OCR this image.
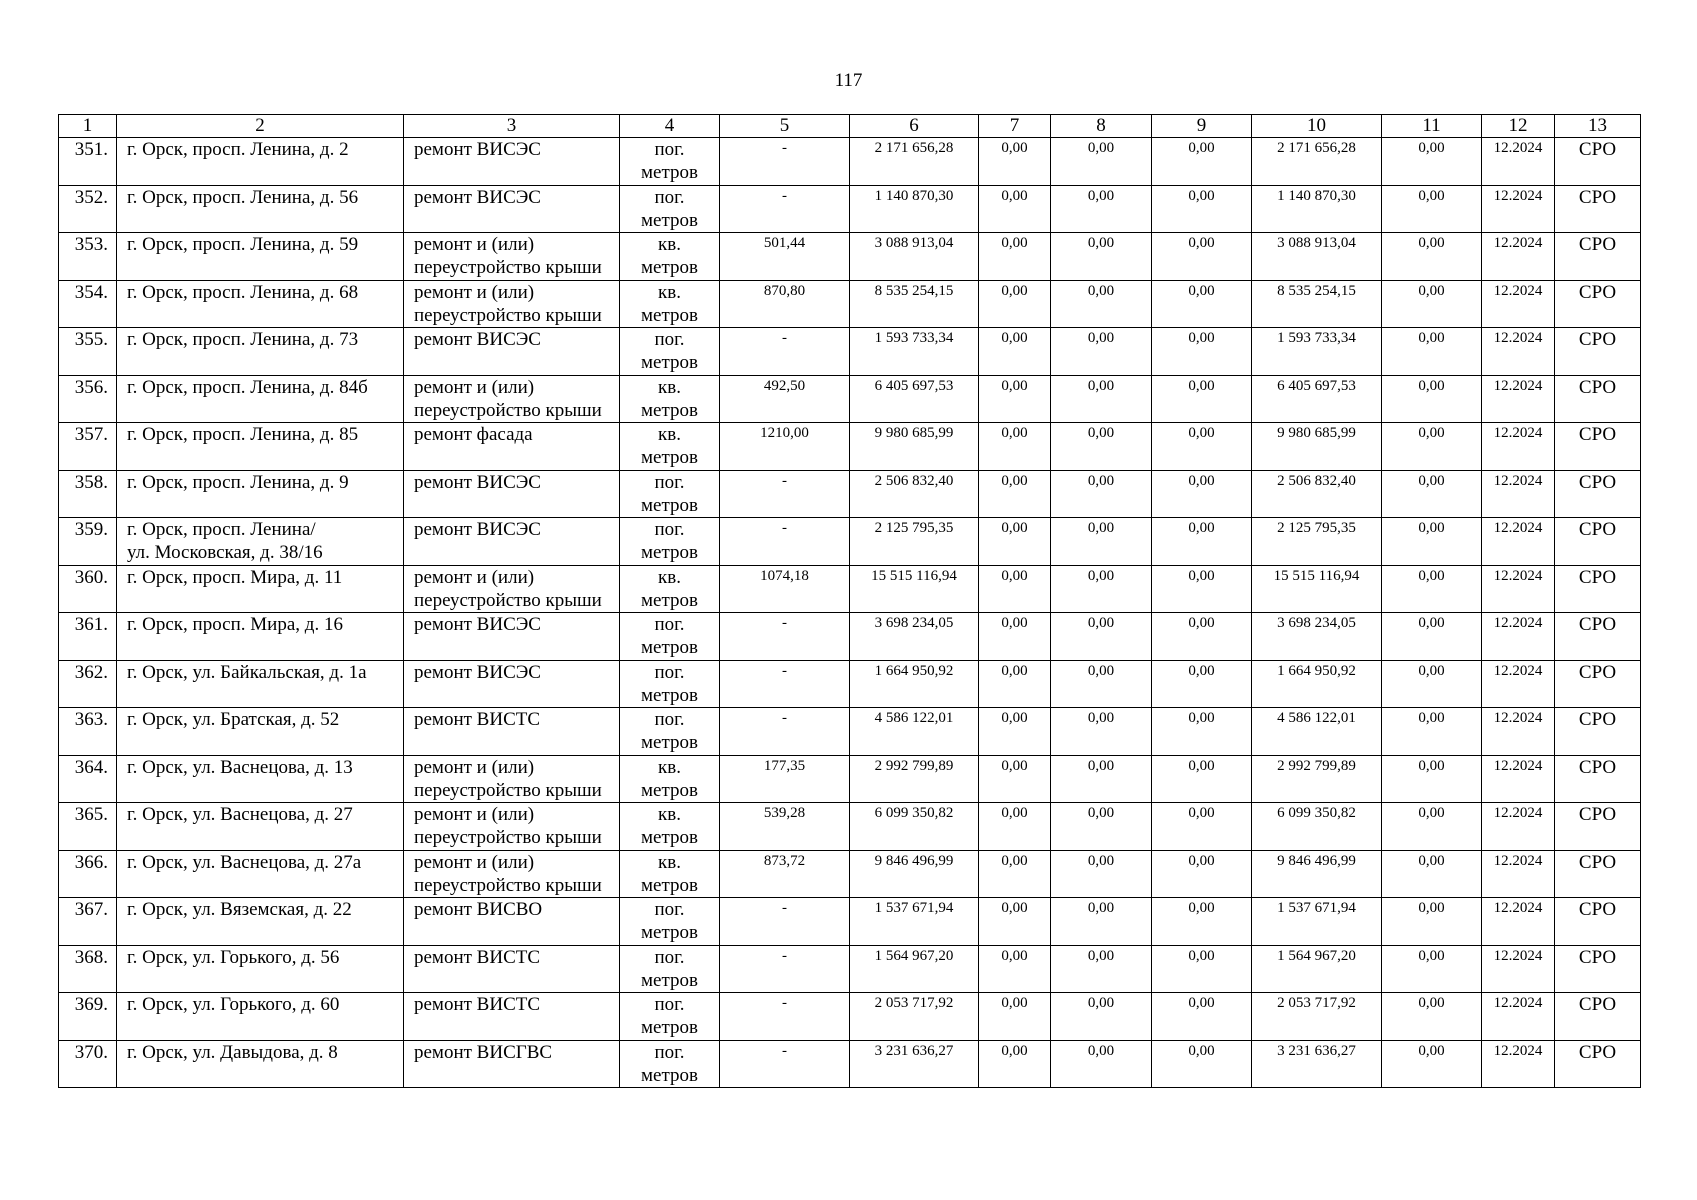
117
1	2	3	4	5	6	7	8	9	10	11	12	13
351.	г. Орск, просп. Ленина, д. 2	ремонт ВИСЭС	пог.
метров	-	2 171 656,28	0,00	0,00	0,00	2 171 656,28	0,00	12.2024	СРО
352.	г. Орск, просп. Ленина, д. 56	ремонт ВИСЭС	пог.
метров	-	1 140 870,30	0,00	0,00	0,00	1 140 870,30	0,00	12.2024	СРО
353.	г. Орск, просп. Ленина, д. 59	ремонт и (или)
переустройство крыши	кв.
метров	501,44	3 088 913,04	0,00	0,00	0,00	3 088 913,04	0,00	12.2024	СРО
354.	г. Орск, просп. Ленина, д. 68	ремонт и (или)
переустройство крыши	кв.
метров	870,80	8 535 254,15	0,00	0,00	0,00	8 535 254,15	0,00	12.2024	СРО
355.	г. Орск, просп. Ленина, д. 73	ремонт ВИСЭС	пог.
метров	-	1 593 733,34	0,00	0,00	0,00	1 593 733,34	0,00	12.2024	СРО
356.	г. Орск, просп. Ленина, д. 84б	ремонт и (или)
переустройство крыши	кв.
метров	492,50	6 405 697,53	0,00	0,00	0,00	6 405 697,53	0,00	12.2024	СРО
357.	г. Орск, просп. Ленина, д. 85	ремонт фасада	кв.
метров	1210,00	9 980 685,99	0,00	0,00	0,00	9 980 685,99	0,00	12.2024	СРО
358.	г. Орск, просп. Ленина, д. 9	ремонт ВИСЭС	пог.
метров	-	2 506 832,40	0,00	0,00	0,00	2 506 832,40	0,00	12.2024	СРО
359.	г. Орск, просп. Ленина/
ул. Московская, д. 38/16	ремонт ВИСЭС	пог.
метров	-	2 125 795,35	0,00	0,00	0,00	2 125 795,35	0,00	12.2024	СРО
360.	г. Орск, просп. Мира, д. 11	ремонт и (или)
переустройство крыши	кв.
метров	1074,18	15 515 116,94	0,00	0,00	0,00	15 515 116,94	0,00	12.2024	СРО
361.	г. Орск, просп. Мира, д. 16	ремонт ВИСЭС	пог.
метров	-	3 698 234,05	0,00	0,00	0,00	3 698 234,05	0,00	12.2024	СРО
362.	г. Орск, ул. Байкальская, д. 1а	ремонт ВИСЭС	пог.
метров	-	1 664 950,92	0,00	0,00	0,00	1 664 950,92	0,00	12.2024	СРО
363.	г. Орск, ул. Братская, д. 52	ремонт ВИСТС	пог.
метров	-	4 586 122,01	0,00	0,00	0,00	4 586 122,01	0,00	12.2024	СРО
364.	г. Орск, ул. Васнецова, д. 13	ремонт и (или)
переустройство крыши	кв.
метров	177,35	2 992 799,89	0,00	0,00	0,00	2 992 799,89	0,00	12.2024	СРО
365.	г. Орск, ул. Васнецова, д. 27	ремонт и (или)
переустройство крыши	кв.
метров	539,28	6 099 350,82	0,00	0,00	0,00	6 099 350,82	0,00	12.2024	СРО
366.	г. Орск, ул. Васнецова, д. 27а	ремонт и (или)
переустройство крыши	кв.
метров	873,72	9 846 496,99	0,00	0,00	0,00	9 846 496,99	0,00	12.2024	СРО
367.	г. Орск, ул. Вяземская, д. 22	ремонт ВИСВО	пог.
метров	-	1 537 671,94	0,00	0,00	0,00	1 537 671,94	0,00	12.2024	СРО
368.	г. Орск, ул. Горького, д. 56	ремонт ВИСТС	пог.
метров	-	1 564 967,20	0,00	0,00	0,00	1 564 967,20	0,00	12.2024	СРО
369.	г. Орск, ул. Горького, д. 60	ремонт ВИСТС	пог.
метров	-	2 053 717,92	0,00	0,00	0,00	2 053 717,92	0,00	12.2024	СРО
370.	г. Орск, ул. Давыдова, д. 8	ремонт ВИСГВС	пог.
метров	-	3 231 636,27	0,00	0,00	0,00	3 231 636,27	0,00	12.2024	СРО
